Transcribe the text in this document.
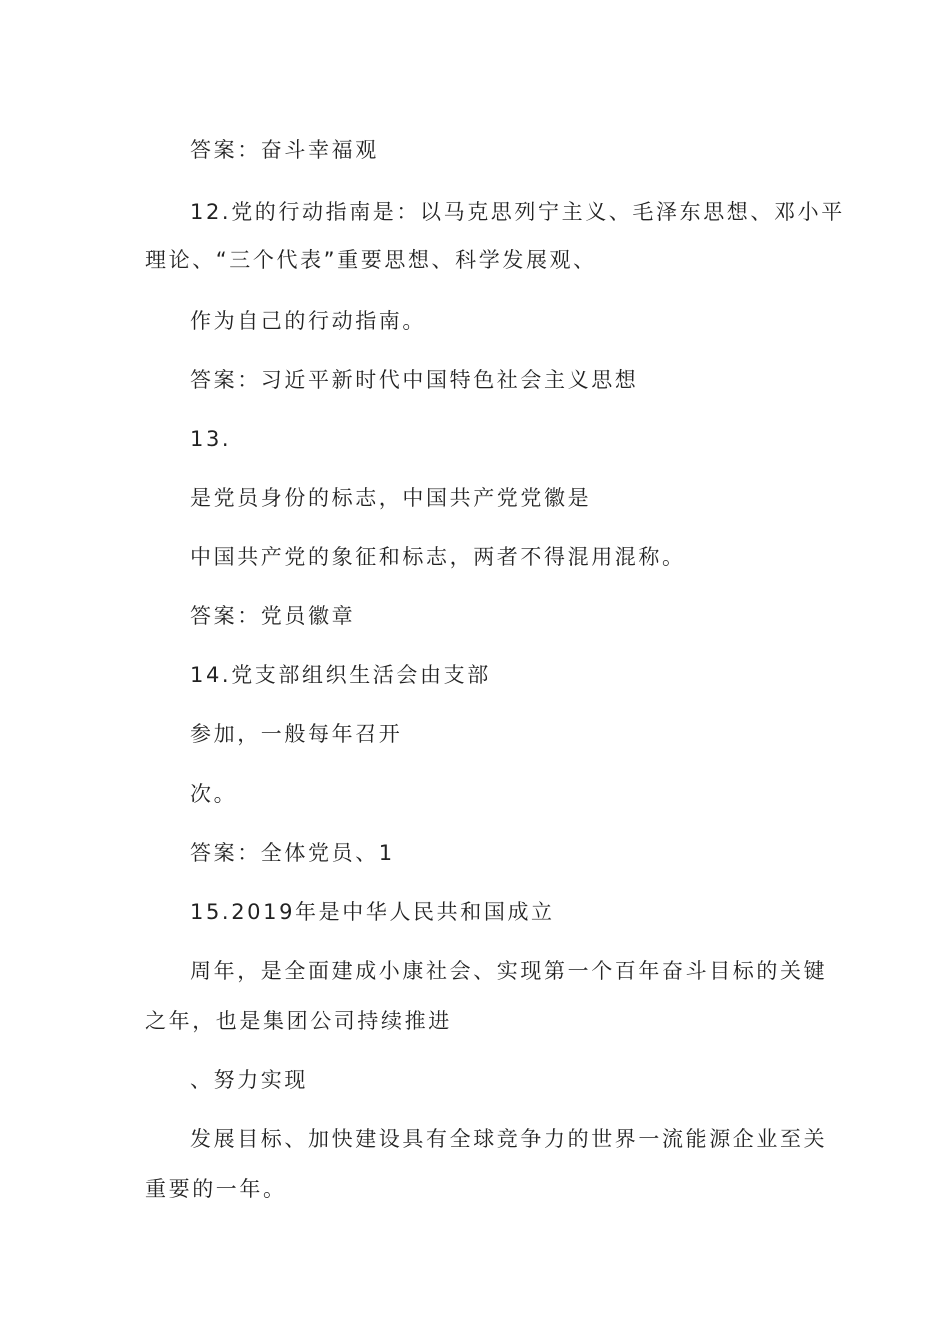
答案：奋斗幸福观
12.党的行动指南是：以马克思列宁主义、毛泽东思想、邓小平
理论、“三个代表”重要思想、科学发展观、
作为自己的行动指南。
答案：习近平新时代中国特色社会主义思想
13.
是党员身份的标志，中国共产党党徽是
中国共产党的象征和标志，两者不得混用混称。
答案：党员徽章
14.党支部组织生活会由支部
参加，一般每年召开
次。
答案：全体党员、1
15.2019年是中华人民共和国成立
周年，是全面建成小康社会、实现第一个百年奋斗目标的关键
之年，也是集团公司持续推进
、努力实现
发展目标、加快建设具有全球竞争力的世界一流能源企业至关
重要的一年。
